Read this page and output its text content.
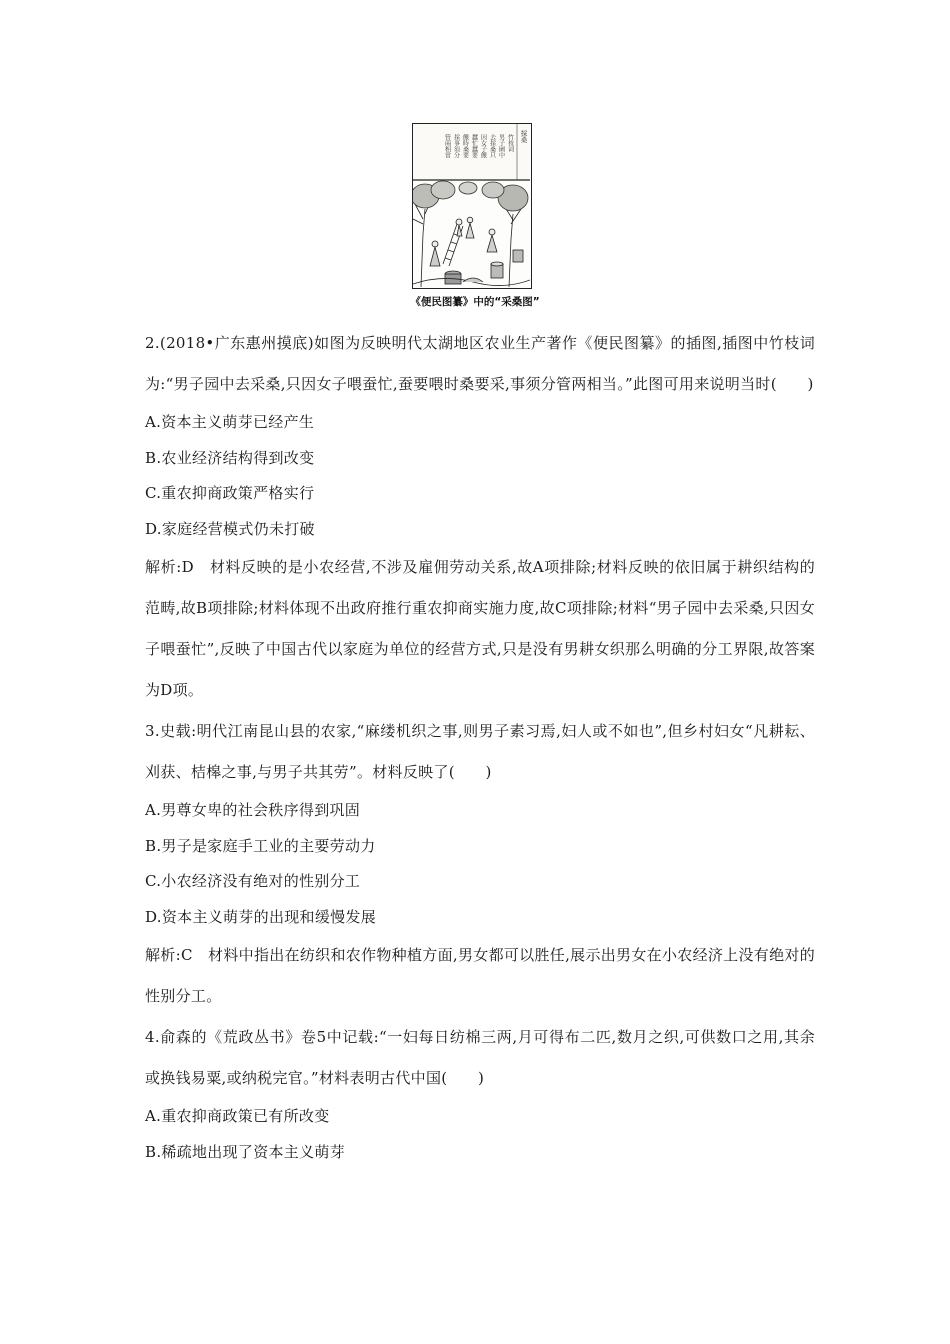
採桑
竹枝词
男子園中
去採桑只
因女子餵
蠶忙蠶要
餵時桑要
採事須分
管兩相當
《便民图纂》中的“采桑图”

2.(2018•广东惠州摸底)如图为反映明代太湖地区农业生产著作《便民图纂》的插图,插图中竹枝词为:“男子园中去采桑,只因女子喂蚕忙,蚕要喂时桑要采,事须分管两相当。”此图可用来说明当时(　　)

A.资本主义萌芽已经产生

B.农业经济结构得到改变

C.重农抑商政策严格实行

D.家庭经营模式仍未打破

解析:D　材料反映的是小农经营,不涉及雇佣劳动关系,故A项排除;材料反映的依旧属于耕织结构的范畴,故B项排除;材料体现不出政府推行重农抑商实施力度,故C项排除;材料“男子园中去采桑,只因女子喂蚕忙”,反映了中国古代以家庭为单位的经营方式,只是没有男耕女织那么明确的分工界限,故答案为D项。

3.史载:明代江南昆山县的农家,“麻缕机织之事,则男子素习焉,妇人或不如也”,但乡村妇女“凡耕耘、刈获、桔槔之事,与男子共其劳”。材料反映了(　　)

A.男尊女卑的社会秩序得到巩固

B.男子是家庭手工业的主要劳动力

C.小农经济没有绝对的性别分工

D.资本主义萌芽的出现和缓慢发展

解析:C　材料中指出在纺织和农作物种植方面,男女都可以胜任,展示出男女在小农经济上没有绝对的性别分工。

4.俞森的《荒政丛书》卷5中记载:“一妇每日纺棉三两,月可得布二匹,数月之织,可供数口之用,其余或换钱易粟,或纳税完官。”材料表明古代中国(　　)

A.重农抑商政策已有所改变

B.稀疏地出现了资本主义萌芽
